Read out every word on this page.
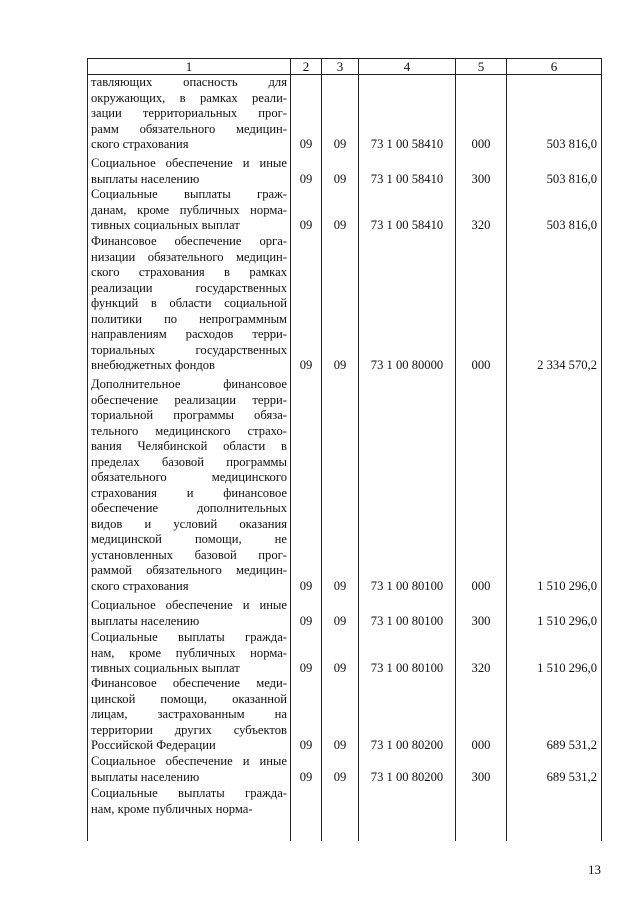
1	2	3	4	5	6
тавляющих опасность для
окружающих, в рамках реали-
зации территориальных прог-
рамм обязательного медицин-
ского страхования	09	09	73 1 00 58410	000	503 816,0
Социальное обеспечение и иные
выплаты населению	09	09	73 1 00 58410	300	503 816,0
Социальные выплаты граж-
данам, кроме публичных норма-
тивных социальных выплат	09	09	73 1 00 58410	320	503 816,0
Финансовое обеспечение орга-
низации обязательного медицин-
ского страхования в рамках
реализации государственных
функций в области социальной
политики по непрограммным
направлениям расходов терри-
ториальных государственных
внебюджетных фондов	09	09	73 1 00 80000	000	2 334 570,2
Дополнительное финансовое
обеспечение реализации терри-
ториальной программы обяза-
тельного медицинского страхо-
вания Челябинской области в
пределах базовой программы
обязательного медицинского
страхования и финансовое
обеспечение дополнительных
видов и условий оказания
медицинской помощи, не
установленных базовой прог-
раммой обязательного медицин-
ского страхования	09	09	73 1 00 80100	000	1 510 296,0
Социальное обеспечение и иные
выплаты населению	09	09	73 1 00 80100	300	1 510 296,0
Социальные выплаты гражда-
нам, кроме публичных норма-
тивных социальных выплат	09	09	73 1 00 80100	320	1 510 296,0
Финансовое обеспечение меди-
цинской помощи, оказанной
лицам, застрахованным на
территории других субъектов
Российской Федерации	09	09	73 1 00 80200	000	689 531,2
Социальное обеспечение и иные
выплаты населению	09	09	73 1 00 80200	300	689 531,2
Социальные выплаты гражда-
нам, кроме публичных норма-
13
